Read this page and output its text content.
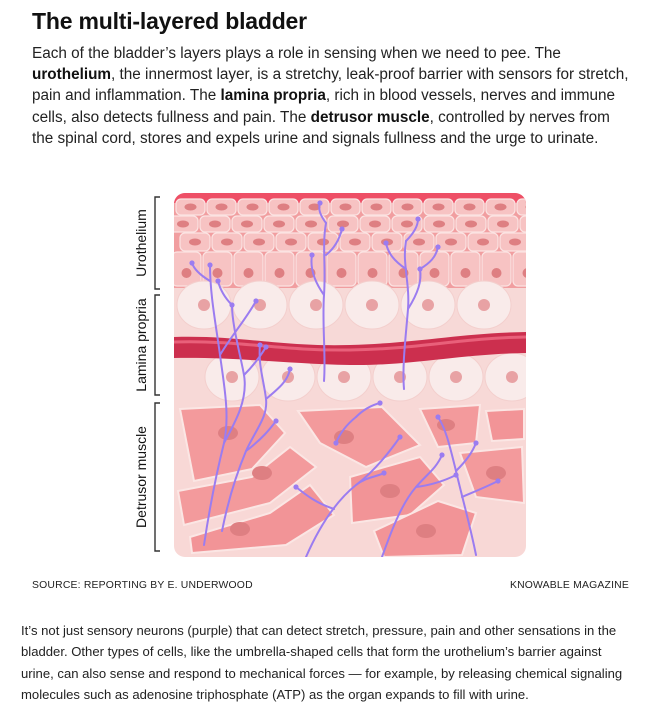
The multi-layered bladder

Each of the bladder’s layers plays a role in sensing when we need to pee. The urothelium, the innermost layer, is a stretchy, leak-proof barrier with sensors for stretch, pain and inflammation. The lamina propria, rich in blood vessels, nerves and immune cells, also detects fullness and pain. The detrusor muscle, controlled by nerves from the spinal cord, stores and expels urine and signals fullness and the urge to urinate.

Urothelium
Lamina propria
Detrusor muscle
SOURCE: REPORTING BY E. UNDERWOOD	KNOWABLE MAGAZINE

It’s not just sensory neurons (purple) that can detect stretch, pressure, pain and other sensations in the bladder. Other types of cells, like the umbrella-shaped cells that form the urothelium’s barrier against urine, can also sense and respond to mechanical forces — for example, by releasing chemical signaling molecules such as adenosine triphosphate (ATP) as the organ expands to fill with urine.
